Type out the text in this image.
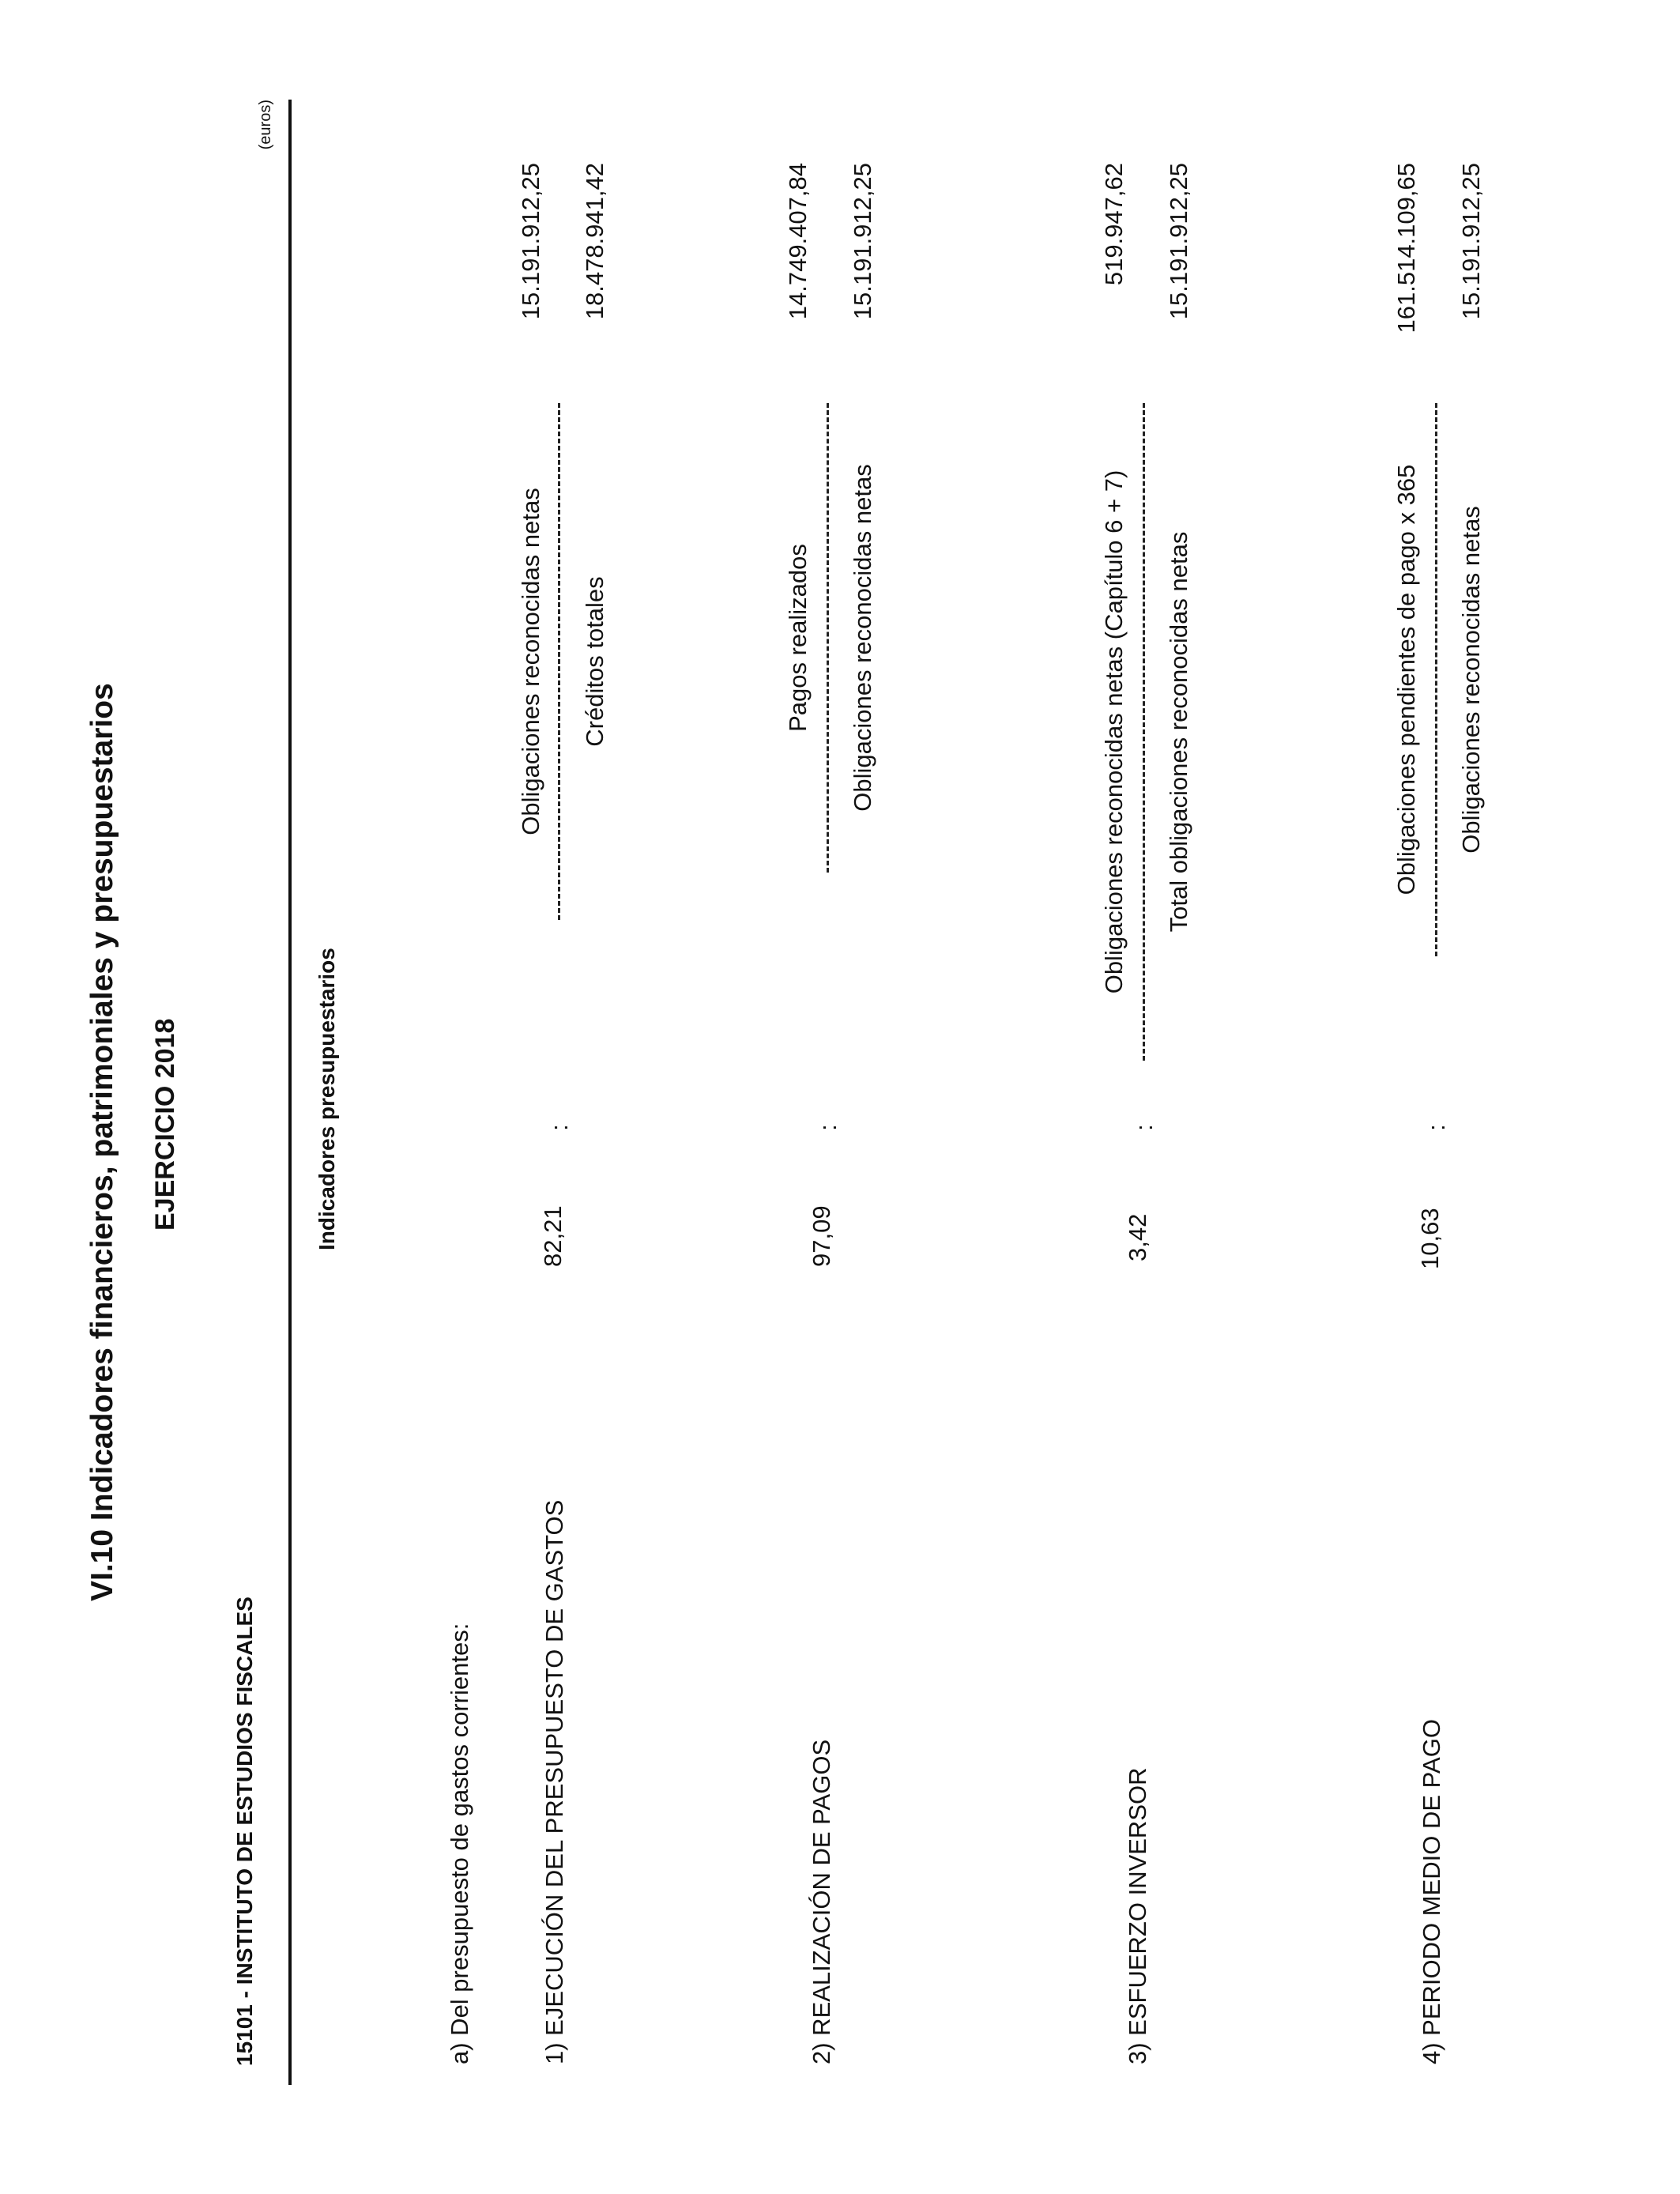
VI.10 Indicadores financieros, patrimoniales y presupuestarios EJERCICIO 2018
15101 - INSTITUTO DE ESTUDIOS FISCALES
(euros)
Indicadores presupuestarios
a) Del presupuesto de gastos corrientes:	1) EJECUCIÓN DEL PRESUPUESTO DE GASTOS
82,21
:
Obligaciones reconocidas netas Créditos totales
15.191.912,25 18.478.941,42
2) REALIZACIÓN DE PAGOS
97,09
:
Pagos realizados Obligaciones reconocidas netas
14.749.407,84 15.191.912,25
3) ESFUERZO INVERSOR
3,42
:
Obligaciones reconocidas netas (Capítulo 6 + 7) Total obligaciones reconocidas netas
519.947,62 15.191.912,25
4) PERIODO MEDIO DE PAGO
10,63
:
Obligaciones pendientes de pago x 365 Obligaciones reconocidas netas
161.514.109,65 15.191.912,25
